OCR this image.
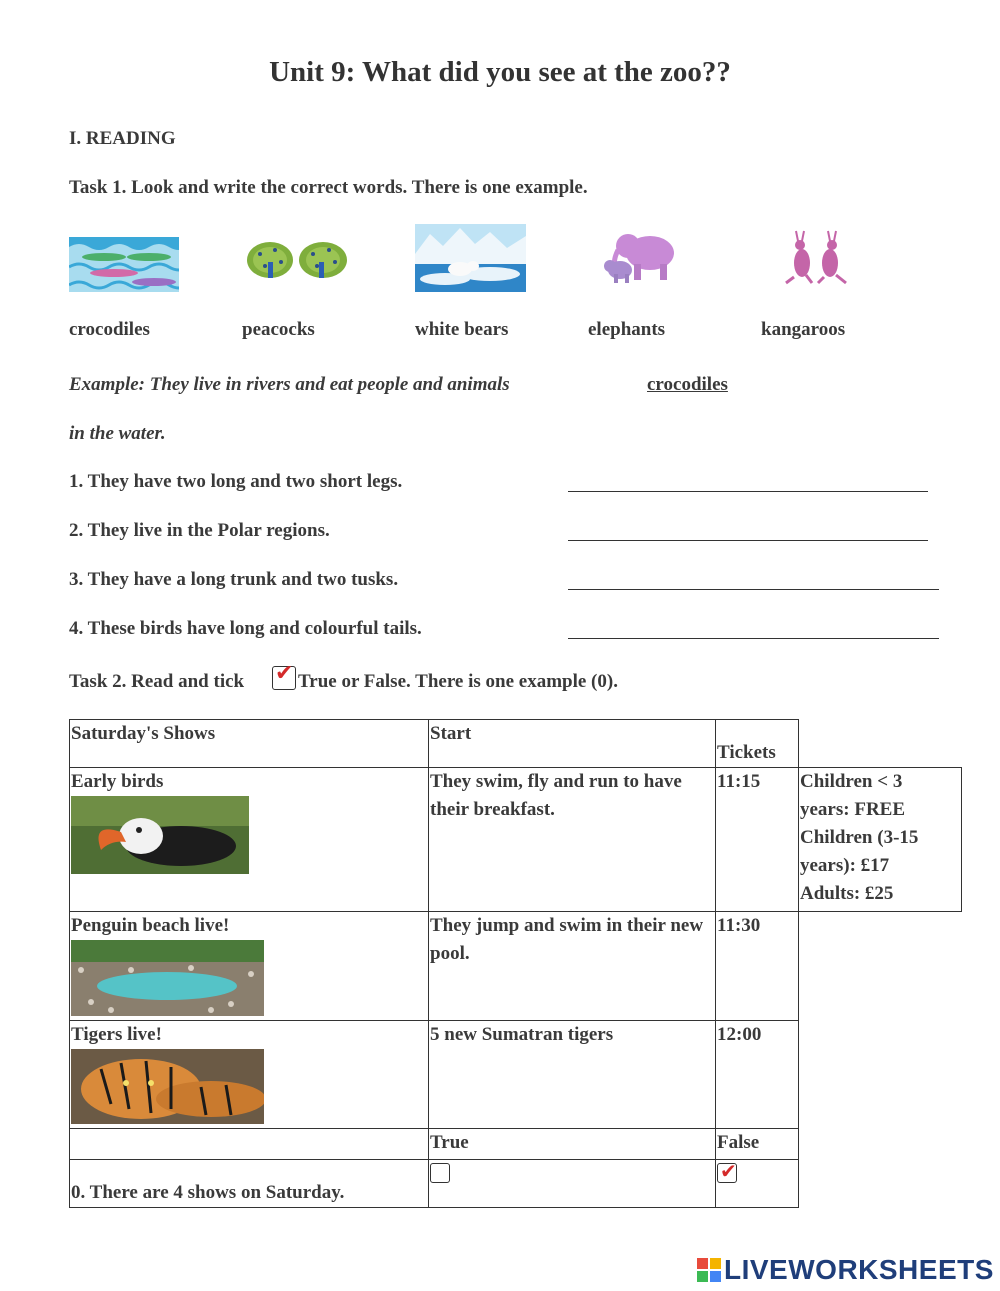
Unit 9: What did you see at the zoo??
I. READING
Task 1. Look and write the correct words. There is one example.
crocodiles	peacocks	white bears	elephants	kangaroos
Example: They live in rivers and eat people and animals	crocodiles
in the water.
1. They have two long and two short legs.
2. They live in the Polar regions.
3. They have a long trunk and two tusks.
4. These birds have long and colourful tails.
Task 2. Read and tick ✔ True or False. There is one example (0).
Saturday's Shows	Start	Tickets	

Early birds	They swim, fly and run to have their breakfast.	11:15	Children < 3
years: FREE
Children (3-15
years): £17
Adults: £25

Penguin beach live!	They jump and swim in their new pool.	11:30	

Tigers live!	5 new Sumatran tigers	12:00	
	True	False	
0. There are 4 shows on Saturday.		✔	

LIVEWORKSHEETS
